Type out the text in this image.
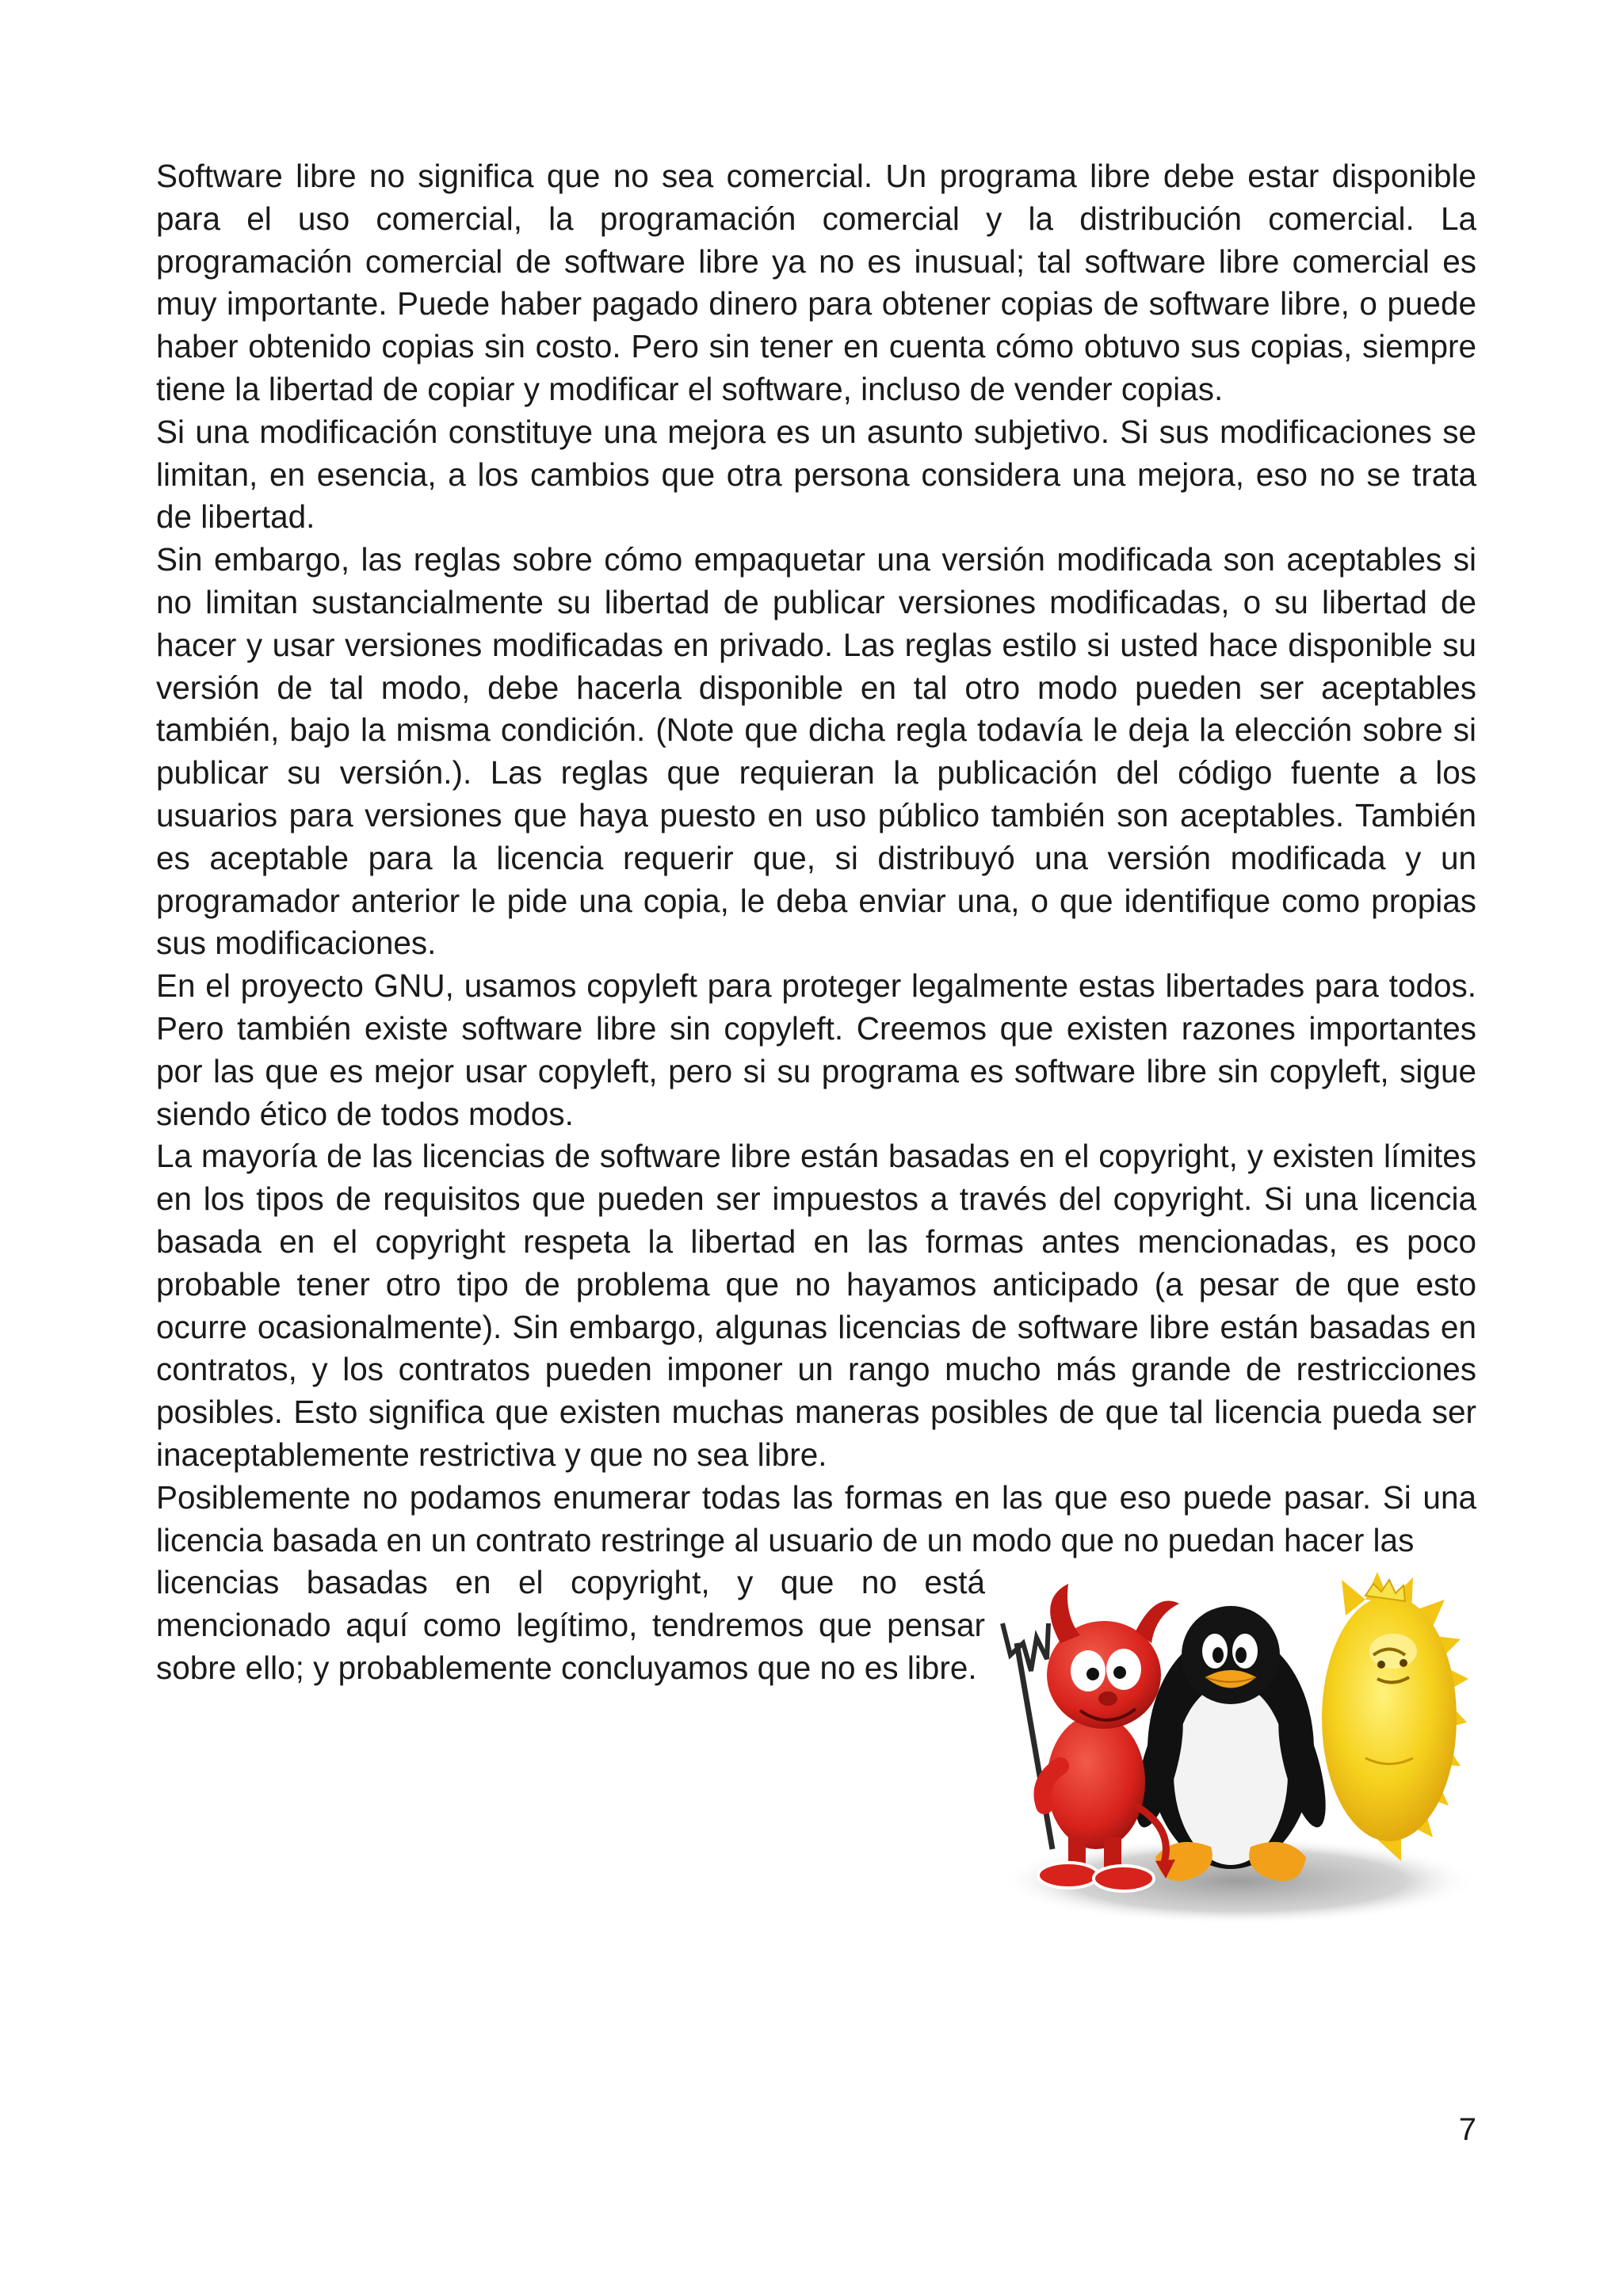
Software libre no significa que no sea comercial. Un programa libre debe estar disponible para el uso comercial, la programación comercial y la distribución comercial. La programación comercial de software libre ya no es inusual; tal software libre comercial es muy importante. Puede haber pagado dinero para obtener copias de software libre, o puede haber obtenido copias sin costo. Pero sin tener en cuenta cómo obtuvo sus copias, siempre tiene la libertad de copiar y modificar el software, incluso de vender copias.

Si una modificación constituye una mejora es un asunto subjetivo. Si sus modificaciones se limitan, en esencia, a los cambios que otra persona considera una mejora, eso no se trata de libertad.

Sin embargo, las reglas sobre cómo empaquetar una versión modificada son aceptables si no limitan sustancialmente su libertad de publicar versiones modificadas, o su libertad de hacer y usar versiones modificadas en privado. Las reglas estilo si usted hace disponible su versión de tal modo, debe hacerla disponible en tal otro modo pueden ser aceptables también, bajo la misma condición. (Note que dicha regla todavía le deja la elección sobre si publicar su versión.). Las reglas que requieran la publicación del código fuente a los usuarios para versiones que haya puesto en uso público también son aceptables. También es aceptable para la licencia requerir que, si distribuyó una versión modificada y un programador anterior le pide una copia, le deba enviar una, o que identifique como propias sus modificaciones.

En el proyecto GNU, usamos copyleft para proteger legalmente estas libertades para todos. Pero también existe software libre sin copyleft. Creemos que existen razones importantes por las que es mejor usar copyleft, pero si su programa es software libre sin copyleft, sigue siendo ético de todos modos.

La mayoría de las licencias de software libre están basadas en el copyright, y existen límites en los tipos de requisitos que pueden ser impuestos a través del copyright. Si una licencia basada en el copyright respeta la libertad en las formas antes mencionadas, es poco probable tener otro tipo de problema que no hayamos anticipado (a pesar de que esto ocurre ocasionalmente). Sin embargo, algunas licencias de software libre están basadas en contratos, y los contratos pueden imponer un rango mucho más grande de restricciones posibles. Esto significa que existen muchas maneras posibles de que tal licencia pueda ser inaceptablemente restrictiva y que no sea libre.

Posiblemente no podamos enumerar todas las formas en las que eso puede pasar. Si una licencia basada en un contrato restringe al usuario de un modo que no puedan hacer las

licencias basadas en el copyright, y que no está mencionado aquí como legítimo, tendremos que pensar sobre ello; y probablemente concluyamos que no es libre.

7
